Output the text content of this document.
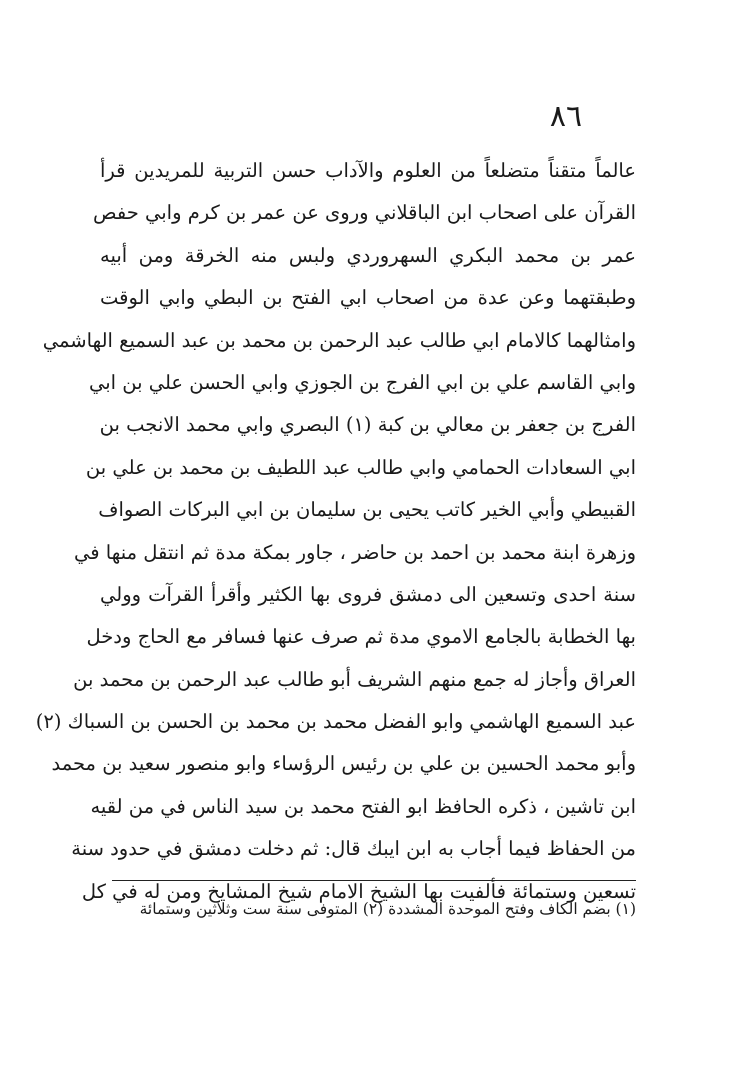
٨٦
عالماً متقناً متضلعاً من العلوم والآداب حسن التربية للمريدين قرأ
القرآن على اصحاب ابن الباقلاني وروى عن عمر بن كرم وابي حفص
عمر بن محمد البكري السهروردي ولبس منه الخرقة ومن أبيه
وطبقتهما وعن عدة من اصحاب ابي الفتح بن البطي وابي الوقت
وامثالهما كالامام ابي طالب عبد الرحمن بن محمد بن عبد السميع الهاشمي
وابي القاسم علي بن ابي الفرج بن الجوزي وابي الحسن علي بن ابي
الفرج بن جعفر بن معالي بن كبة (١) البصري وابي محمد الانجب بن
ابي السعادات الحمامي وابي طالب عبد اللطيف بن محمد بن علي بن
القبيطي وأبي الخير كاتب يحيى بن سليمان بن ابي البركات الصواف
وزهرة ابنة محمد بن احمد بن حاضر ، جاور بمكة مدة ثم انتقل منها في
سنة احدى وتسعين الى دمشق فروى بها الكثير وأقرأ القرآت وولي
بها الخطابة بالجامع الاموي مدة ثم صرف عنها فسافر مع الحاج ودخل
العراق وأجاز له جمع منهم الشريف أبو طالب عبد الرحمن بن محمد بن
عبد السميع الهاشمي وابو الفضل محمد بن محمد بن الحسن بن السباك (٢)
وأبو محمد الحسين بن علي بن رئيس الرؤساء وابو منصور سعيد بن محمد
ابن تاشين ، ذكره الحافظ ابو الفتح محمد بن سيد الناس في من لقيه
من الحفاظ فيما أجاب به ابن ايبك قال: ثم دخلت دمشق في حدود سنة
تسعين وستمائة فألفيت بها الشيخ الامام شيخ المشايخ ومن له في كل
(١) بضم الكاف وفتح الموحدة المشددة (٢) المتوفى سنة ست وثلاثين وستمائة
